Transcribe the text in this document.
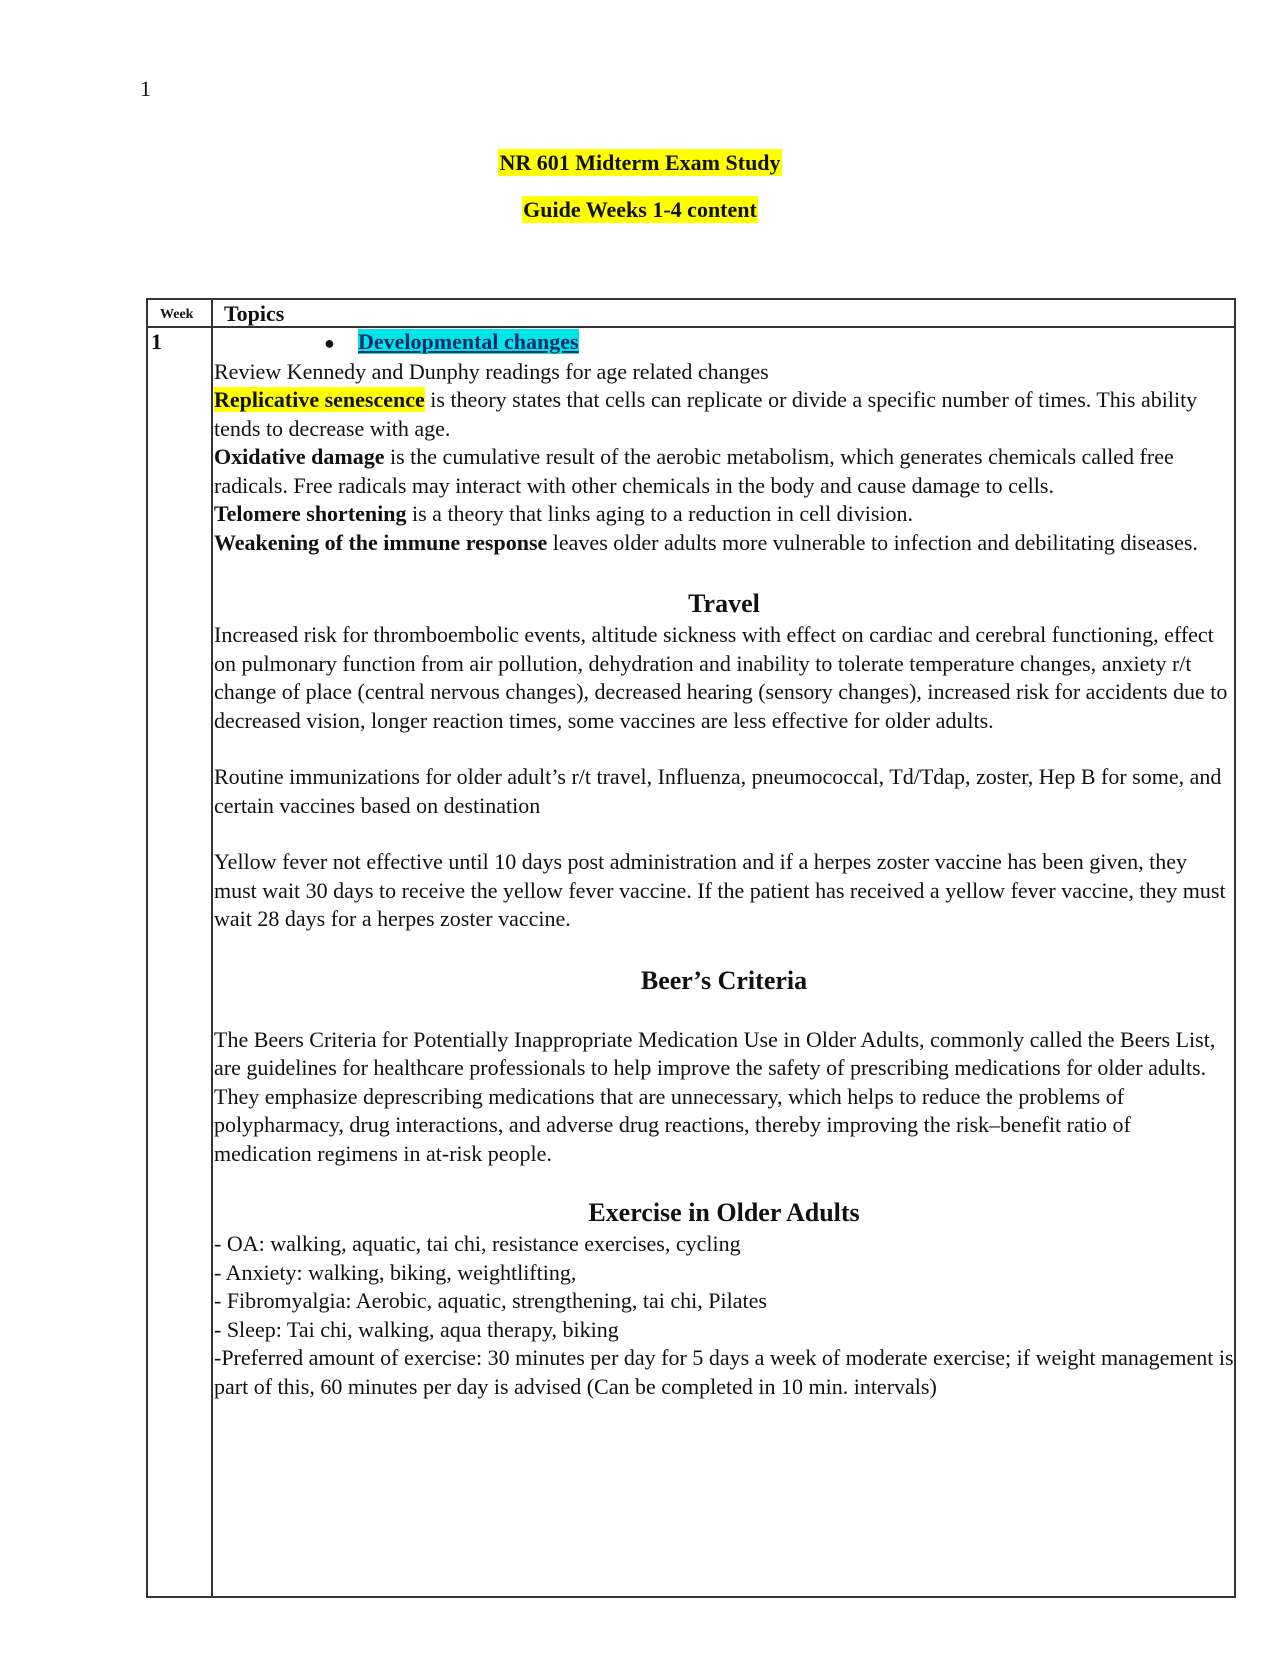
1
NR 601 Midterm Exam Study
Guide Weeks 1-4 content
Week Topics
1	● Developmental changes

Review Kennedy and Dunphy readings for age related changes

Replicative senescence is theory states that cells can replicate or divide a specific number of times. This ability tends to decrease with age.

Oxidative damage is the cumulative result of the aerobic metabolism, which generates chemicals called free radicals. Free radicals may interact with other chemicals in the body and cause damage to cells.

Telomere shortening is a theory that links aging to a reduction in cell division.

Weakening of the immune response leaves older adults more vulnerable to infection and debilitating diseases.

Travel

Increased risk for thromboembolic events, altitude sickness with effect on cardiac and cerebral functioning, effect on pulmonary function from air pollution, dehydration and inability to tolerate temperature changes, anxiety r/t change of place (central nervous changes), decreased hearing (sensory changes), increased risk for accidents due to decreased vision, longer reaction times, some vaccines are less effective for older adults.

Routine immunizations for older adult’s r/t travel, Influenza, pneumococcal, Td/Tdap, zoster, Hep B for some, and certain vaccines based on destination

Yellow fever not effective until 10 days post administration and if a herpes zoster vaccine has been given, they must wait 30 days to receive the yellow fever vaccine. If the patient has received a yellow fever vaccine, they must wait 28 days for a herpes zoster vaccine.

Beer’s Criteria

The Beers Criteria for Potentially Inappropriate Medication Use in Older Adults, commonly called the Beers List, are guidelines for healthcare professionals to help improve the safety of prescribing medications for older adults. They emphasize deprescribing medications that are unnecessary, which helps to reduce the problems of polypharmacy, drug interactions, and adverse drug reactions, thereby improving the risk–benefit ratio of medication regimens in at-risk people.

Exercise in Older Adults

- OA: walking, aquatic, tai chi, resistance exercises, cycling

- Anxiety: walking, biking, weightlifting,

- Fibromyalgia: Aerobic, aquatic, strengthening, tai chi, Pilates

- Sleep: Tai chi, walking, aqua therapy, biking

-Preferred amount of exercise: 30 minutes per day for 5 days a week of moderate exercise; if weight management is part of this, 60 minutes per day is advised (Can be completed in 10 min. intervals)
